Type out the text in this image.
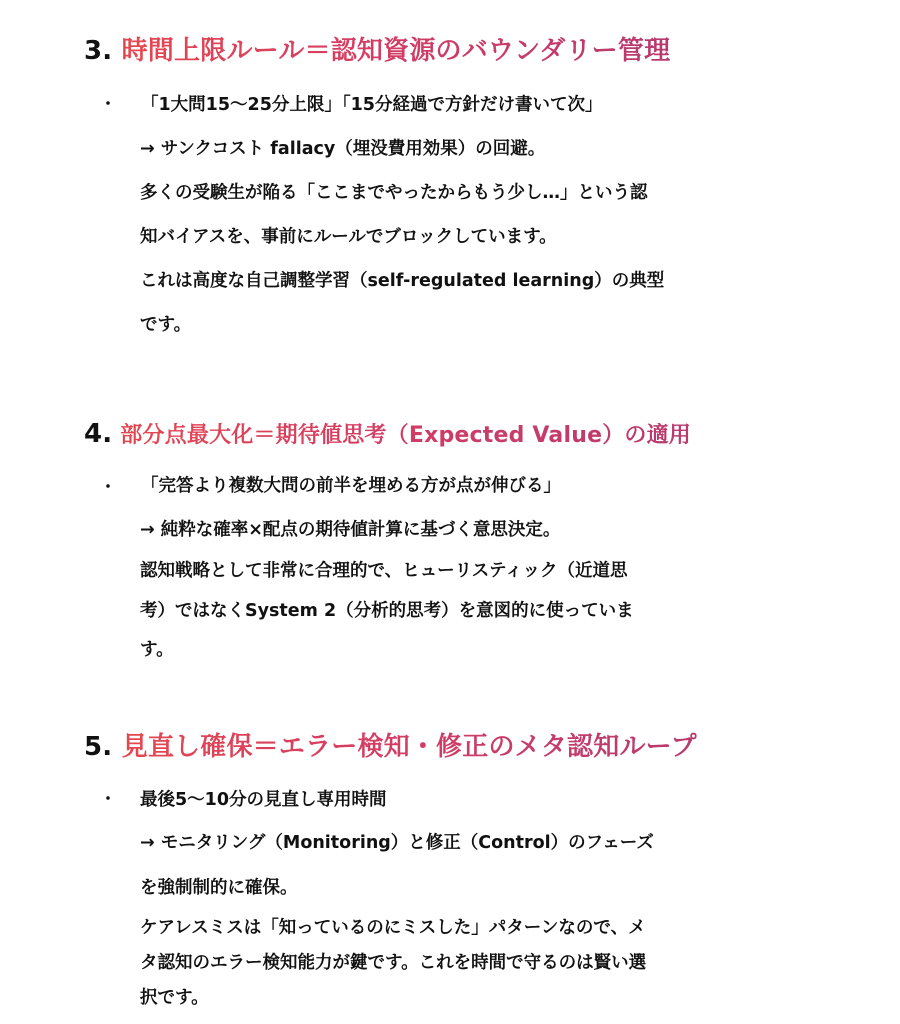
3. 時間上限ルール＝認知資源のバウンダリー管理
・ 「1大問15〜25分上限」「15分経過で方針だけ書いて次」
→ サンクコスト fallacy（埋没費用効果）の回避。
多くの受験生が陥る「ここまでやったからもう少し…」という認
知バイアスを、事前にルールでブロックしています。
これは高度な自己調整学習（self-regulated learning）の典型
です。
4. 部分点最大化＝期待値思考（Expected Value）の適用
・ 「完答より複数大問の前半を埋める方が点が伸びる」
→ 純粋な確率×配点の期待値計算に基づく意思決定。
認知戦略として非常に合理的で、ヒューリスティック（近道思
考）ではなくSystem 2（分析的思考）を意図的に使っていま
す。
5. 見直し確保＝エラー検知・修正のメタ認知ループ
・ 最後5〜10分の見直し専用時間
→ モニタリング（Monitoring）と修正（Control）のフェーズ
を強制制的に確保。
ケアレスミスは「知っているのにミスした」パターンなので、メ
タ認知のエラー検知能力が鍵です。これを時間で守るのは賢い選
択です。
